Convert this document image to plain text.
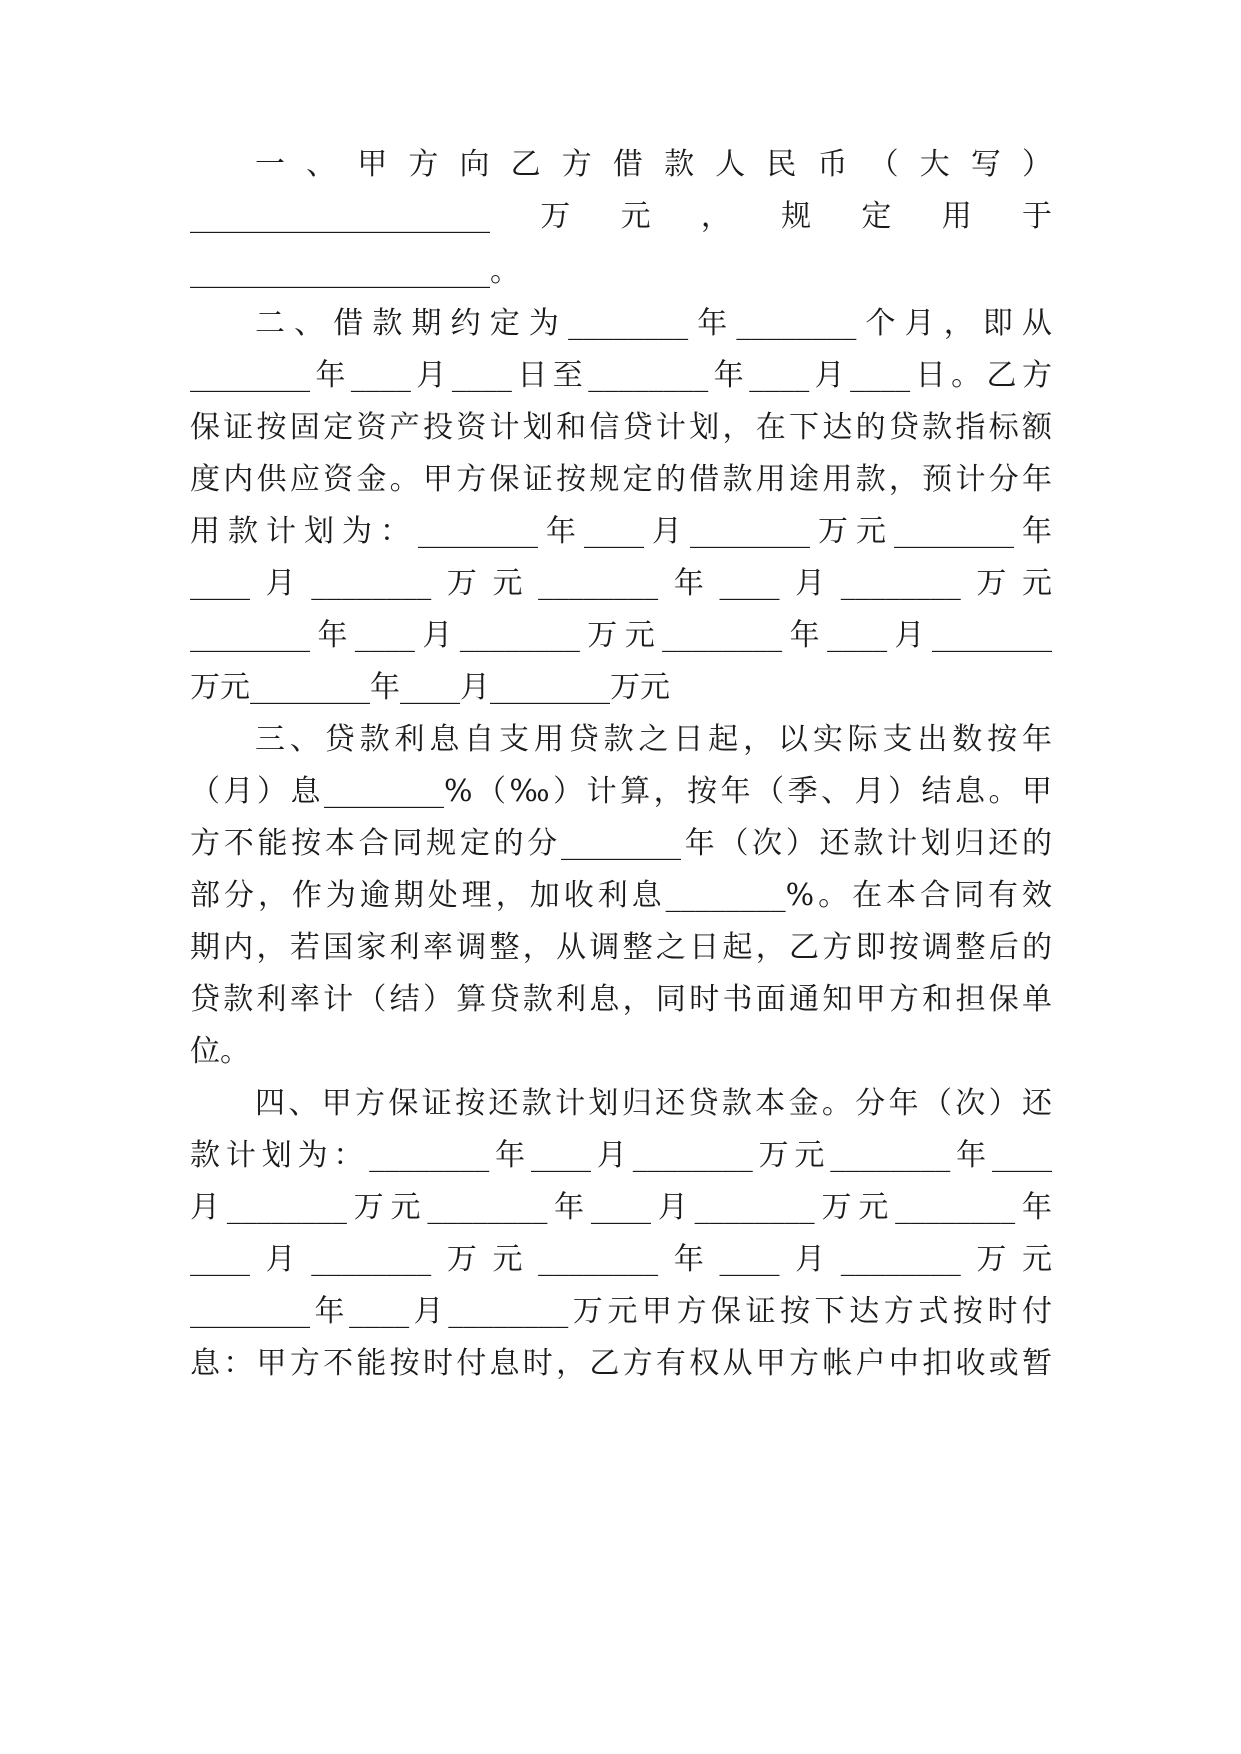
一、甲方向乙方借款人民币（大写）
____________________万元，规定用于
____________________。
二、借款期约定为________年________个月，即从
________年____月____日至________年____月____日。乙方
保证按固定资产投资计划和信贷计划，在下达的贷款指标额
度内供应资金。甲方保证按规定的借款用途用款，预计分年
用款计划为：________年____月________万元________年
____月________万元________年____月________万元
________年____月________万元________年____月________
万元________年____月________万元
三、贷款利息自支用贷款之日起，以实际支出数按年
（月）息________%（‰）计算，按年（季、月）结息。甲
方不能按本合同规定的分________年（次）还款计划归还的
部分，作为逾期处理，加收利息________%。在本合同有效
期内，若国家利率调整，从调整之日起，乙方即按调整后的
贷款利率计（结）算贷款利息，同时书面通知甲方和担保单
位。
四、甲方保证按还款计划归还贷款本金。分年（次）还
款计划为：________年____月________万元________年____
月________万元________年____月________万元________年
____月________万元________年____月________万元
________年____月________万元甲方保证按下达方式按时付
息：甲方不能按时付息时，乙方有权从甲方帐户中扣收或暂
